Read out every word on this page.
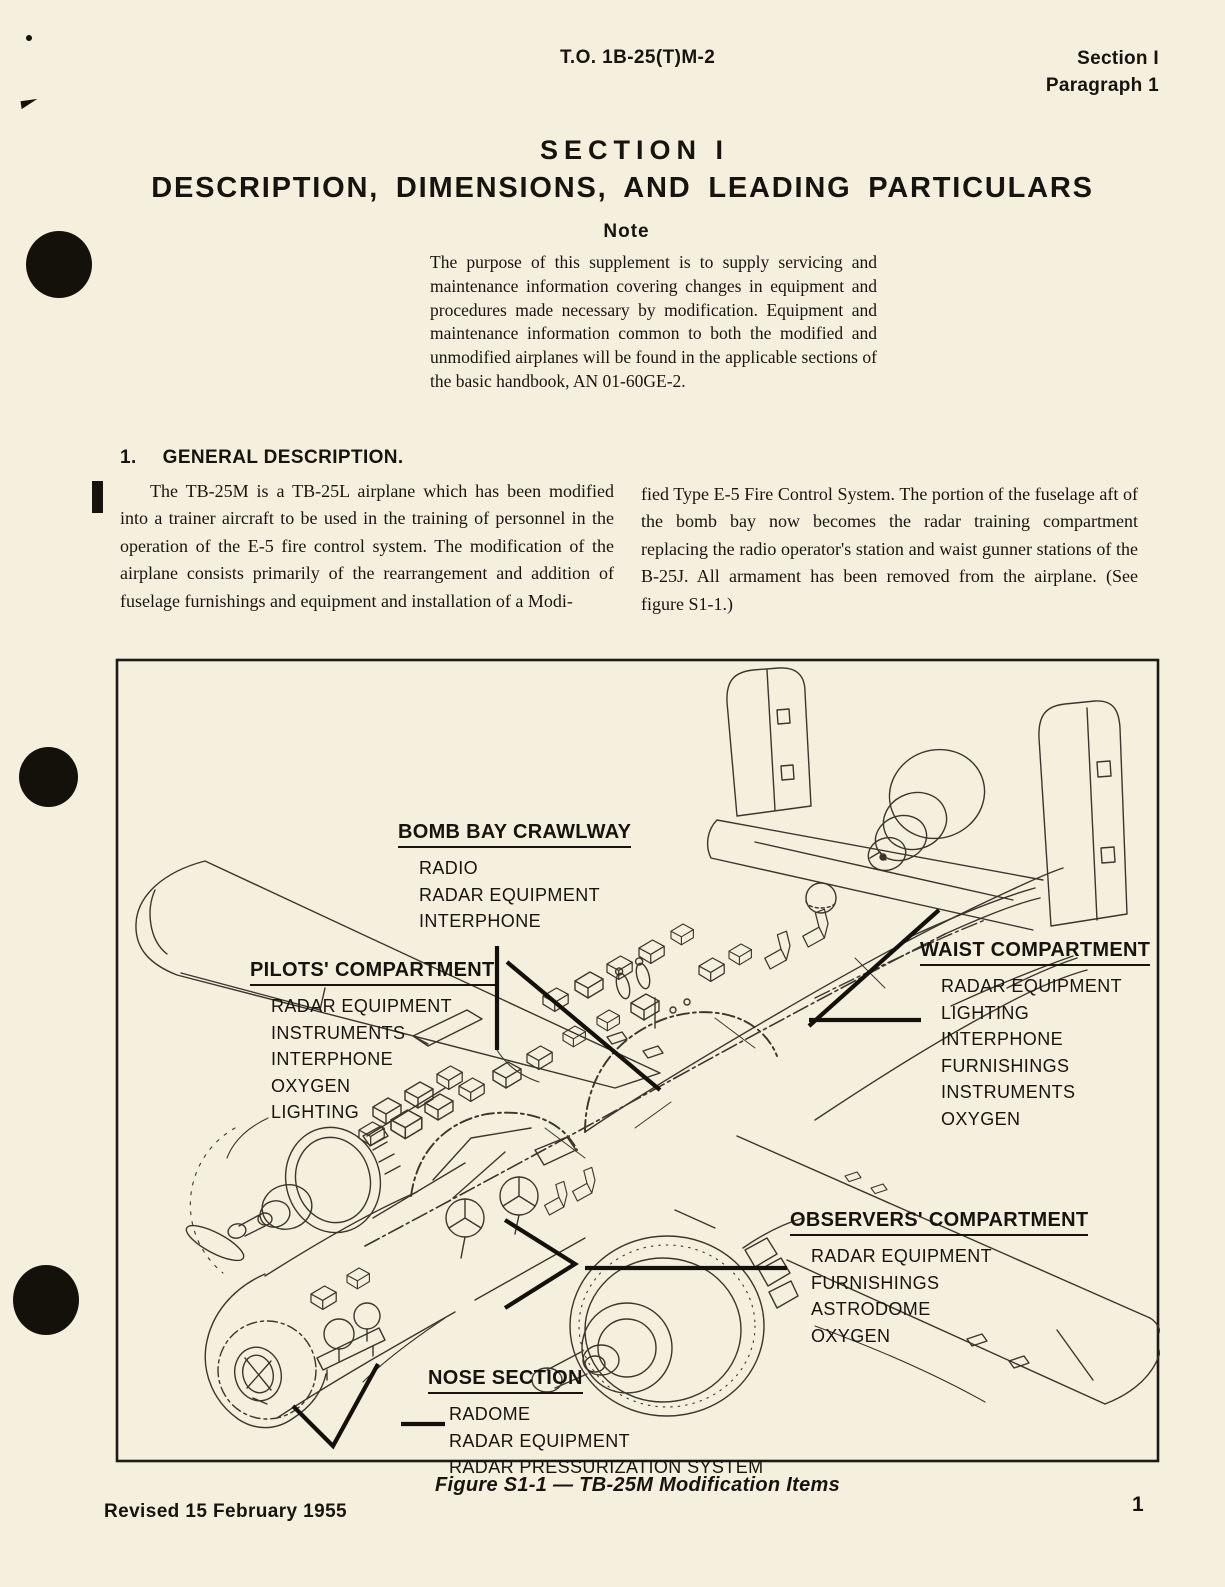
T.O. 1B-25(T)M-2	Section I
Paragraph 1
SECTION I
DESCRIPTION, DIMENSIONS, AND LEADING PARTICULARS
Note
The purpose of this supplement is to supply servicing and maintenance information covering changes in equipment and procedures made necessary by modification. Equipment and maintenance information common to both the modified and unmodified airplanes will be found in the applicable sections of the basic handbook, AN 01-60GE-2.
1. GENERAL DESCRIPTION.
The TB-25M is a TB-25L airplane which has been modified into a trainer aircraft to be used in the training of personnel in the operation of the E-5 fire control system. The modification of the airplane consists primarily of the rearrangement and addition of fuselage furnishings and equipment and installation of a Modi-
fied Type E-5 Fire Control System. The portion of the fuselage aft of the bomb bay now becomes the radar training compartment replacing the radio operator's station and waist gunner stations of the B-25J. All armament has been removed from the airplane. (See figure S1-1.)
BOMB BAY CRAWLWAY
RADIO
RADAR EQUIPMENT
INTERPHONE
PILOTS' COMPARTMENT
RADAR EQUIPMENT
INSTRUMENTS
INTERPHONE
OXYGEN
LIGHTING
WAIST COMPARTMENT
RADAR EQUIPMENT
LIGHTING
INTERPHONE
FURNISHINGS
INSTRUMENTS
OXYGEN
OBSERVERS' COMPARTMENT
RADAR EQUIPMENT
FURNISHINGS
ASTRODOME
OXYGEN
NOSE SECTION
RADOME
RADAR EQUIPMENT
RADAR PRESSURIZATION SYSTEM
Figure S1-1 — TB-25M Modification Items
Revised 15 February 1955	1
